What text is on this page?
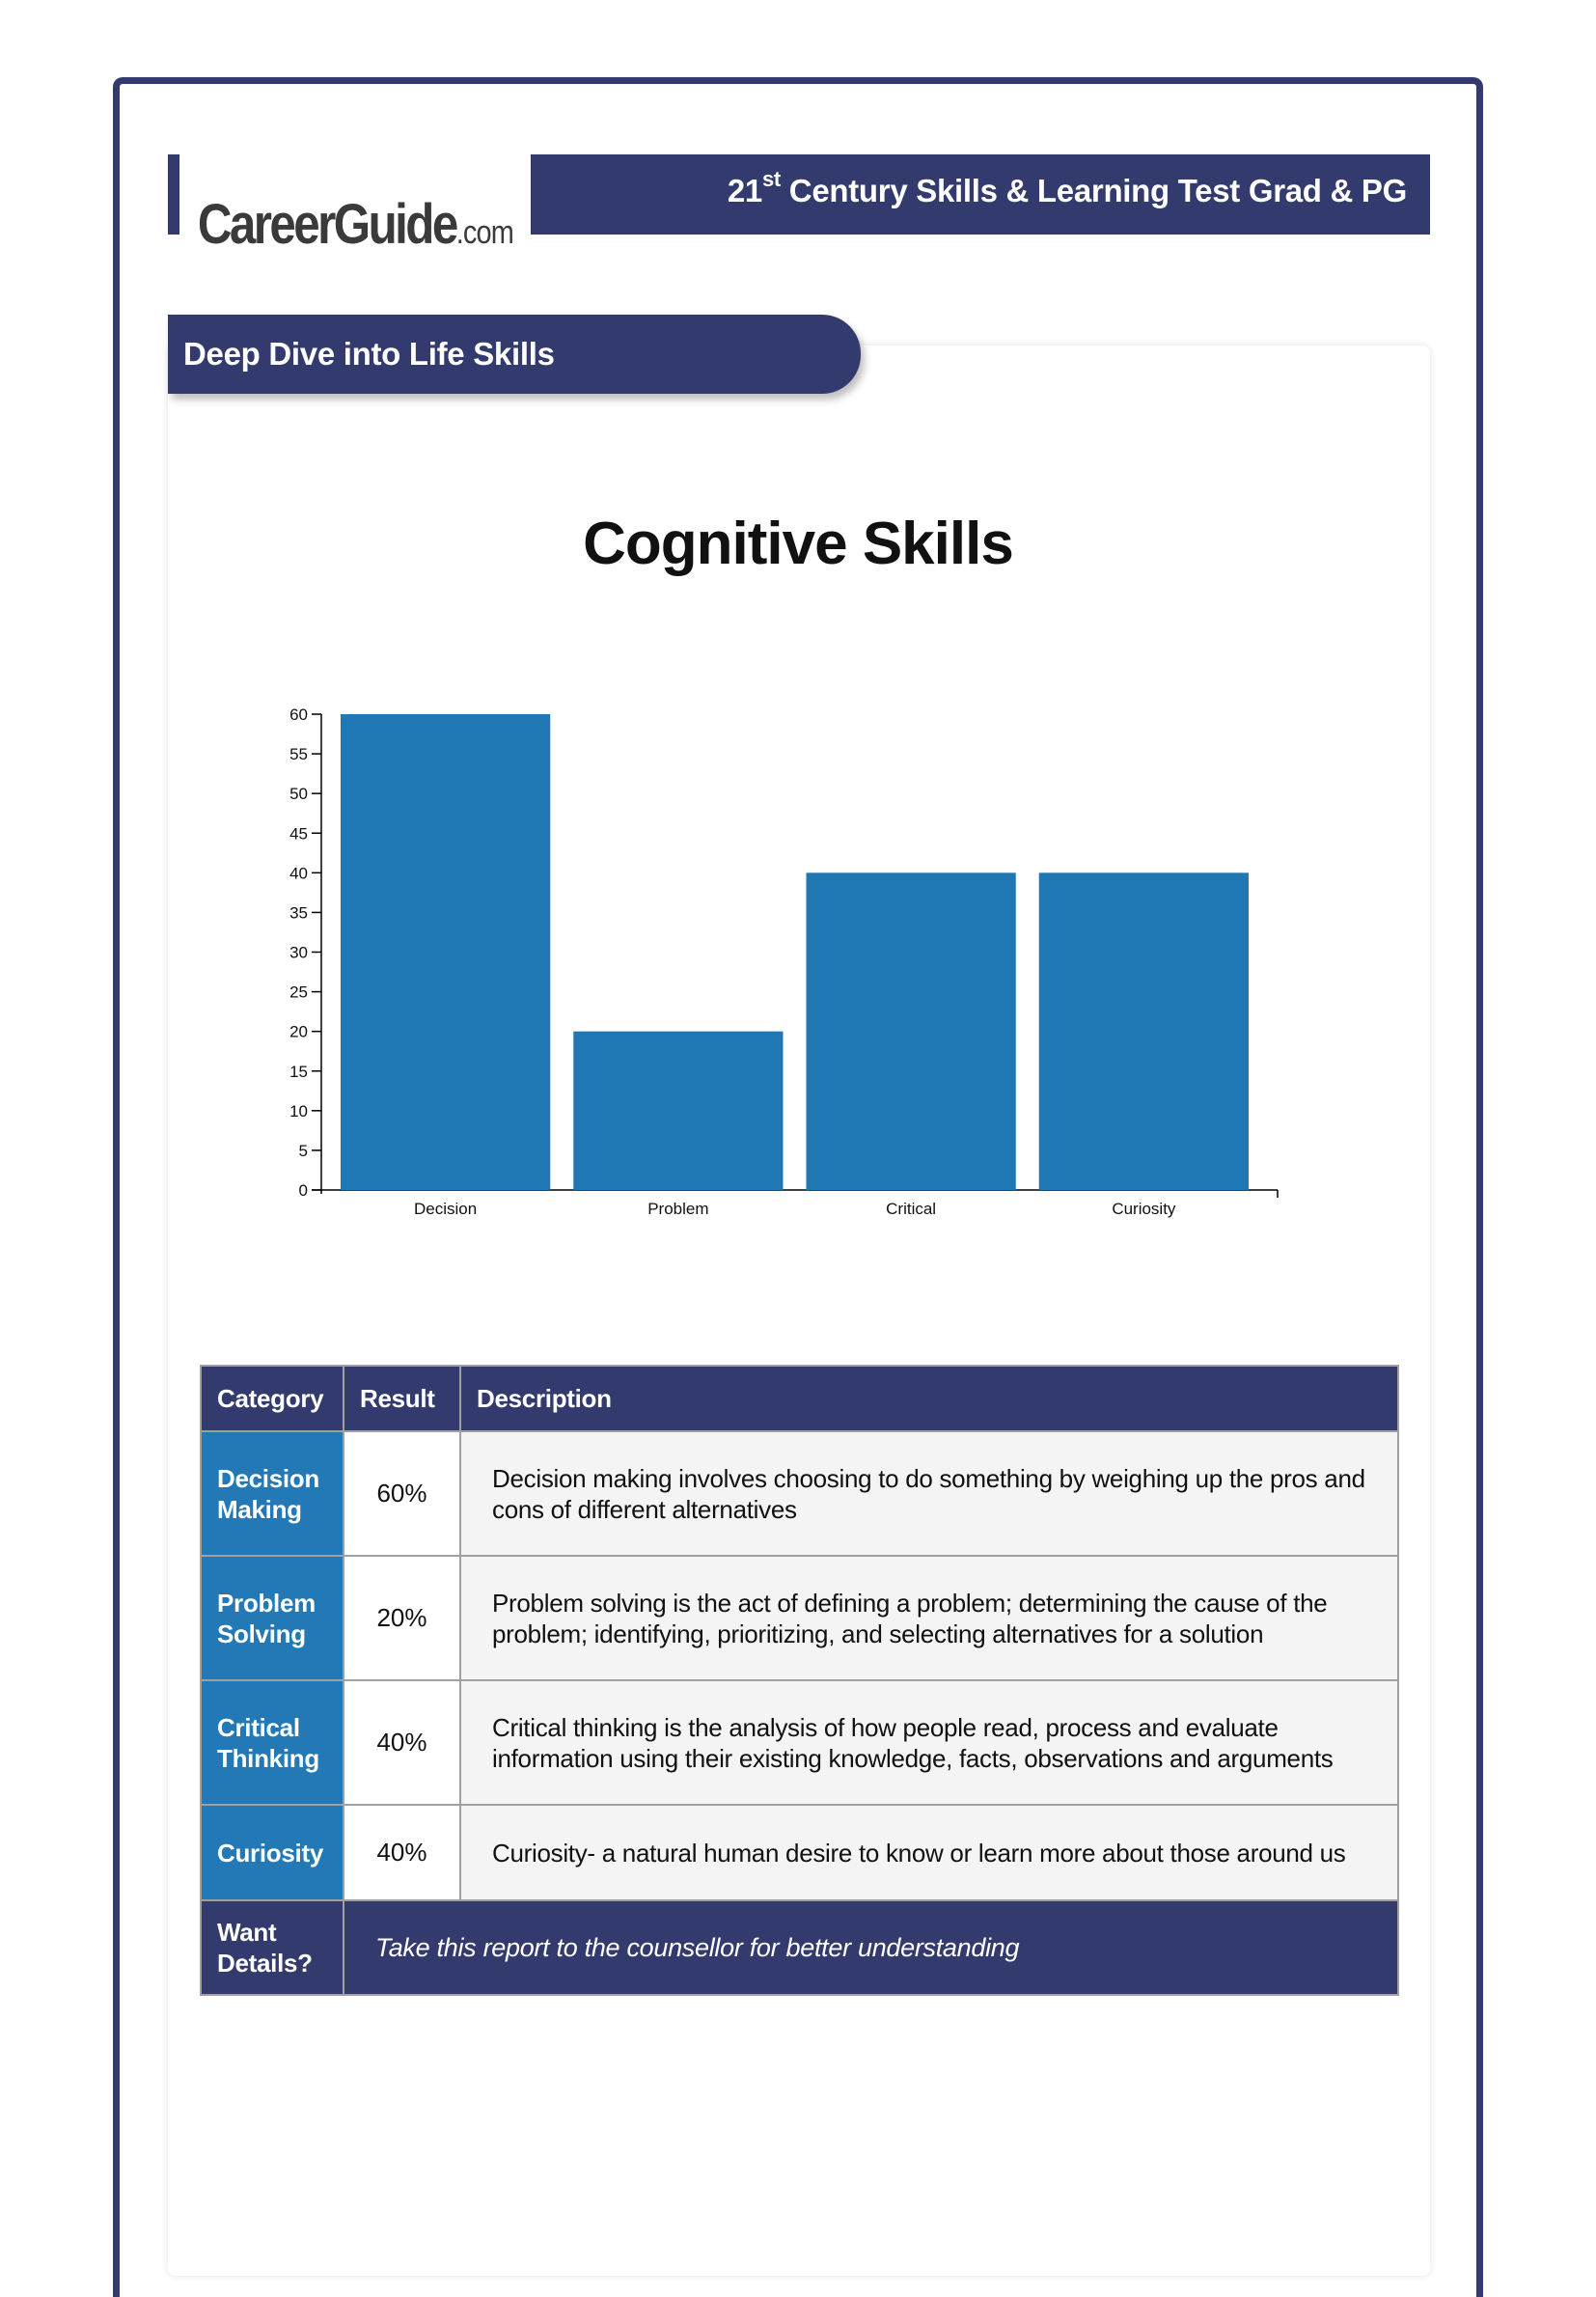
21st Century Skills & Learning Test Grad & PG
CareerGuide.com
Deep Dive into Life Skills
Cognitive Skills
0
5
10
15
20
25
30
35
40
45
50
55
60
Decision	Problem	Critical	Curiosity
Category	Result	Description
Decision Making	60%	Decision making involves choosing to do something by weighing up the pros and cons of different alternatives
Problem Solving	20%	Problem solving is the act of defining a problem; determining the cause of the problem; identifying, prioritizing, and selecting alternatives for a solution
Critical Thinking	40%	Critical thinking is the analysis of how people read, process and evaluate information using their existing knowledge, facts, observations and arguments
Curiosity	40%	Curiosity- a natural human desire to know or learn more about those around us
Want Details?	Take this report to the counsellor for better understanding	
